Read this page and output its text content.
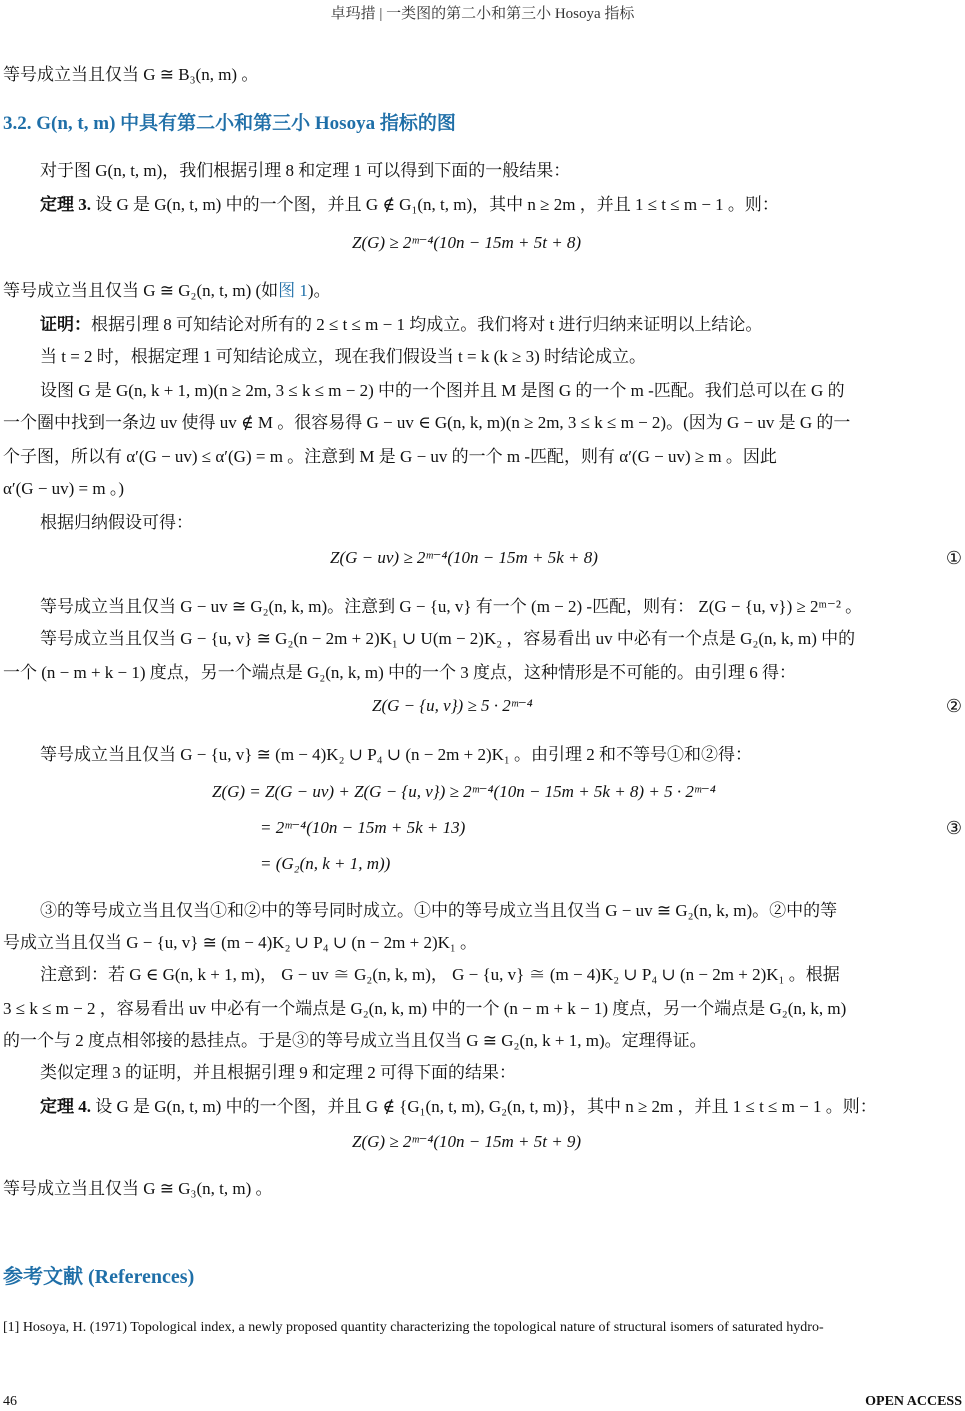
卓玛措 | 一类图的第二小和第三小 Hosoya 指标
等号成立当且仅当 G ≅ B₃(n, m) 。
3.2. G(n, t, m) 中具有第二小和第三小 Hosoya 指标的图
对于图 G(n, t, m)，我们根据引理 8 和定理 1 可以得到下面的一般结果：
定理 3. 设 G 是 G(n, t, m) 中的一个图，并且 G ∉ G₁(n, t, m)，其中 n ≥ 2m ，并且 1 ≤ t ≤ m − 1 。则：
Z(G) ≥ 2ᵐ⁻⁴(10n − 15m + 5t + 8)
等号成立当且仅当 G ≅ G₂(n, t, m) (如图 1)。
证明：根据引理 8 可知结论对所有的 2 ≤ t ≤ m − 1 均成立。我们将对 t 进行归纳来证明以上结论。
当 t = 2 时，根据定理 1 可知结论成立，现在我们假设当 t = k (k ≥ 3) 时结论成立。
设图 G 是 G(n, k + 1, m)(n ≥ 2m, 3 ≤ k ≤ m − 2) 中的一个图并且 M 是图 G 的一个 m -匹配。我们总可以在 G 的
一个圈中找到一条边 uv 使得 uv ∉ M 。很容易得 G − uv ∈ G(n, k, m)(n ≥ 2m, 3 ≤ k ≤ m − 2)。(因为 G − uv 是 G 的一
个子图，所以有 α′(G − uv) ≤ α′(G) = m 。注意到 M 是 G − uv 的一个 m -匹配，则有 α′(G − uv) ≥ m 。因此
α′(G − uv) = m 。)
根据归纳假设可得：
Z(G − uv) ≥ 2ᵐ⁻⁴(10n − 15m + 5k + 8)	①
等号成立当且仅当 G − uv ≅ G₂(n, k, m)。注意到 G − {u, v} 有一个 (m − 2) -匹配，则有： Z(G − {u, v}) ≥ 2ᵐ⁻² 。
等号成立当且仅当 G − {u, v} ≅ G₂(n − 2m + 2)K₁ ∪ U(m − 2)K₂ ，容易看出 uv 中必有一个点是 G₂(n, k, m) 中的
一个 (n − m + k − 1) 度点，另一个端点是 G₂(n, k, m) 中的一个 3 度点，这种情形是不可能的。由引理 6 得：
Z(G − {u, v}) ≥ 5 · 2ᵐ⁻⁴	②
等号成立当且仅当 G − {u, v} ≅ (m − 4)K₂ ∪ P₄ ∪ (n − 2m + 2)K₁ 。由引理 2 和不等号①和②得：
Z(G) = Z(G − uv) + Z(G − {u, v}) ≥ 2ᵐ⁻⁴(10n − 15m + 5k + 8) + 5 · 2ᵐ⁻⁴
= 2ᵐ⁻⁴(10n − 15m + 5k + 13)	③
= (G₂(n, k + 1, m))
③的等号成立当且仅当①和②中的等号同时成立。①中的等号成立当且仅当 G − uv ≅ G₂(n, k, m)。②中的等
号成立当且仅当 G − {u, v} ≅ (m − 4)K₂ ∪ P₄ ∪ (n − 2m + 2)K₁ 。
注意到：若 G ∈ G(n, k + 1, m)， G − uv ≅ G₂(n, k, m)， G − {u, v} ≅ (m − 4)K₂ ∪ P₄ ∪ (n − 2m + 2)K₁ 。根据
3 ≤ k ≤ m − 2 ，容易看出 uv 中必有一个端点是 G₂(n, k, m) 中的一个 (n − m + k − 1) 度点，另一个端点是 G₂(n, k, m)
的一个与 2 度点相邻接的悬挂点。于是③的等号成立当且仅当 G ≅ G₂(n, k + 1, m)。定理得证。
类似定理 3 的证明，并且根据引理 9 和定理 2 可得下面的结果：
定理 4. 设 G 是 G(n, t, m) 中的一个图，并且 G ∉ {G₁(n, t, m), G₂(n, t, m)}，其中 n ≥ 2m ，并且 1 ≤ t ≤ m − 1 。则：
Z(G) ≥ 2ᵐ⁻⁴(10n − 15m + 5t + 9)
等号成立当且仅当 G ≅ G₃(n, t, m) 。
参考文献 (References)
[1] Hosoya, H. (1971) Topological index, a newly proposed quantity characterizing the topological nature of structural isomers of saturated hydro-
46	OPEN ACCESS
